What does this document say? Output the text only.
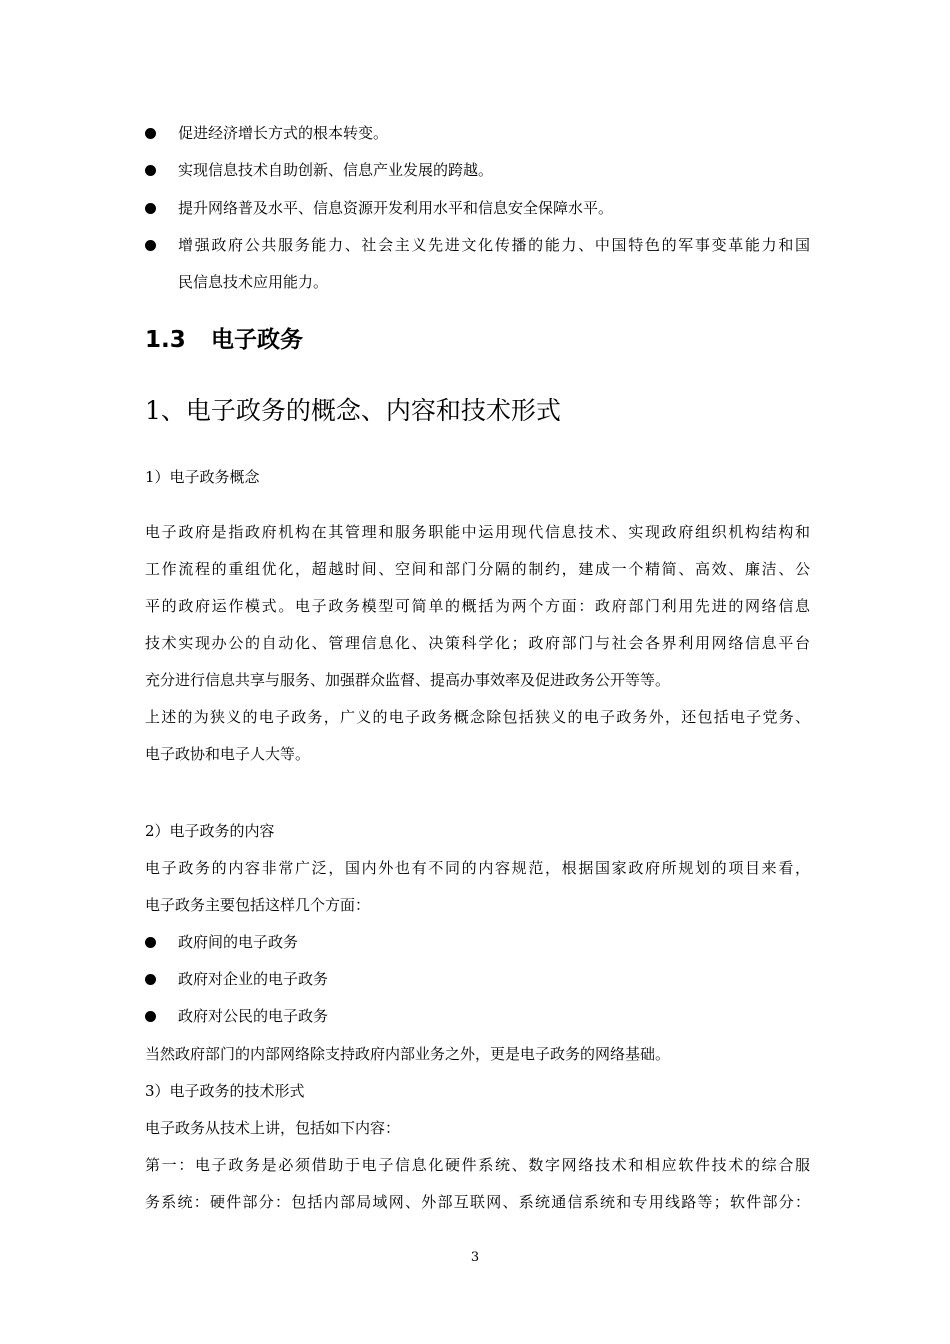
促进经济增长方式的根本转变。
实现信息技术自助创新、信息产业发展的跨越。
提升网络普及水平、信息资源开发利用水平和信息安全保障水平。
增强政府公共服务能力、社会主义先进文化传播的能力、中国特色的军事变革能力和国
民信息技术应用能力。
1.3 电子政务
1、电子政务的概念、内容和技术形式
1）电子政务概念
电子政府是指政府机构在其管理和服务职能中运用现代信息技术、实现政府组织机构结构和
工作流程的重组优化，超越时间、空间和部门分隔的制约，建成一个精简、高效、廉洁、公
平的政府运作模式。电子政务模型可简单的概括为两个方面：政府部门利用先进的网络信息
技术实现办公的自动化、管理信息化、决策科学化；政府部门与社会各界利用网络信息平台
充分进行信息共享与服务、加强群众监督、提高办事效率及促进政务公开等等。
上述的为狭义的电子政务，广义的电子政务概念除包括狭义的电子政务外，还包括电子党务、
电子政协和电子人大等。
2）电子政务的内容
电子政务的内容非常广泛，国内外也有不同的内容规范，根据国家政府所规划的项目来看，
电子政务主要包括这样几个方面：
政府间的电子政务
政府对企业的电子政务
政府对公民的电子政务
当然政府部门的内部网络除支持政府内部业务之外，更是电子政务的网络基础。
3）电子政务的技术形式
电子政务从技术上讲，包括如下内容：
第一：电子政务是必须借助于电子信息化硬件系统、数字网络技术和相应软件技术的综合服
务系统：硬件部分：包括内部局域网、外部互联网、系统通信系统和专用线路等；软件部分：
3
